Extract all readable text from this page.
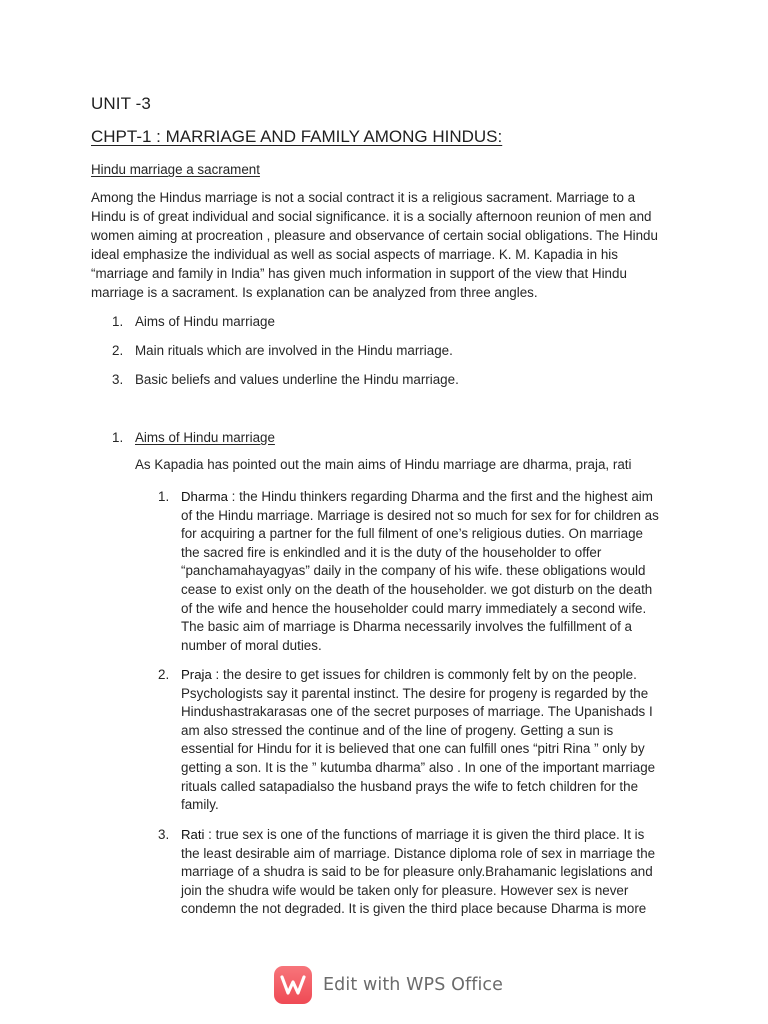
UNIT -3
CHPT-1 : MARRIAGE AND FAMILY AMONG HINDUS:
Hindu marriage a sacrament
Among the Hindus marriage is not a social contract it is a religious sacrament. Marriage to a
Hindu is of great individual and social significance. it is a socially afternoon reunion of men and
women aiming at procreation , pleasure and observance of certain social obligations. The Hindu
ideal emphasize the individual as well as social aspects of marriage. K. M. Kapadia in his
“marriage and family in India” has given much information in support of the view that Hindu
marriage is a sacrament. Is explanation can be analyzed from three angles.
1. Aims of Hindu marriage
2. Main rituals which are involved in the Hindu marriage.
3. Basic beliefs and values underline the Hindu marriage.
1. Aims of Hindu marriage
As Kapadia has pointed out the main aims of Hindu marriage are dharma, praja, rati
1. Dharma : the Hindu thinkers regarding Dharma and the first and the highest aim
of the Hindu marriage. Marriage is desired not so much for sex for for children as
for acquiring a partner for the full filment of one’s religious duties. On marriage
the sacred fire is enkindled and it is the duty of the householder to offer
“panchamahayagyas” daily in the company of his wife. these obligations would
cease to exist only on the death of the householder. we got disturb on the death
of the wife and hence the householder could marry immediately a second wife.
The basic aim of marriage is Dharma necessarily involves the fulfillment of a
number of moral duties.
2. Praja : the desire to get issues for children is commonly felt by on the people.
Psychologists say it parental instinct. The desire for progeny is regarded by the
Hindushastrakarasas one of the secret purposes of marriage. The Upanishads I
am also stressed the continue and of the line of progeny. Getting a sun is
essential for Hindu for it is believed that one can fulfill ones “pitri Rina ” only by
getting a son. It is the ” kutumba dharma” also . In one of the important marriage
rituals called satapadialso the husband prays the wife to fetch children for the
family.
3. Rati : true sex is one of the functions of marriage it is given the third place. It is
the least desirable aim of marriage. Distance diploma role of sex in marriage the
marriage of a shudra is said to be for pleasure only.Brahamanic legislations and
join the shudra wife would be taken only for pleasure. However sex is never
condemn the not degraded. It is given the third place because Dharma is more
Edit with WPS Office
